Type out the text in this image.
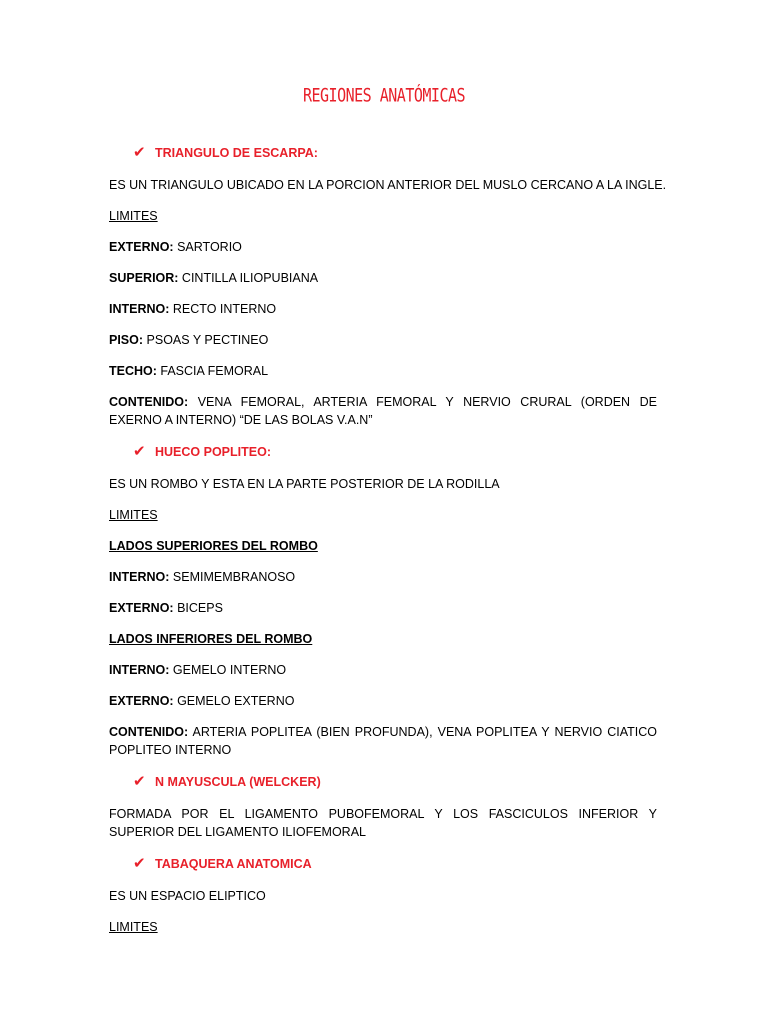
REGIONES ANATÓMICAS
✔ TRIANGULO DE ESCARPA:
ES UN TRIANGULO UBICADO EN LA PORCION ANTERIOR DEL MUSLO CERCANO A LA INGLE.
LIMITES
EXTERNO: SARTORIO
SUPERIOR: CINTILLA ILIOPUBIANA
INTERNO: RECTO INTERNO
PISO: PSOAS Y PECTINEO
TECHO: FASCIA FEMORAL
CONTENIDO: VENA FEMORAL, ARTERIA FEMORAL Y NERVIO CRURAL (ORDEN DE EXERNO A INTERNO) “DE LAS BOLAS V.A.N”
✔ HUECO POPLITEO:
ES UN ROMBO Y ESTA EN LA PARTE POSTERIOR DE LA RODILLA
LIMITES
LADOS SUPERIORES DEL ROMBO
INTERNO: SEMIMEMBRANOSO
EXTERNO: BICEPS
LADOS INFERIORES DEL ROMBO
INTERNO: GEMELO INTERNO
EXTERNO: GEMELO EXTERNO
CONTENIDO: ARTERIA POPLITEA (BIEN PROFUNDA), VENA POPLITEA Y NERVIO CIATICO POPLITEO INTERNO
✔ N MAYUSCULA (WELCKER)
FORMADA POR EL LIGAMENTO PUBOFEMORAL Y LOS FASCICULOS INFERIOR Y SUPERIOR DEL LIGAMENTO ILIOFEMORAL
✔ TABAQUERA ANATOMICA
ES UN ESPACIO ELIPTICO
LIMITES
